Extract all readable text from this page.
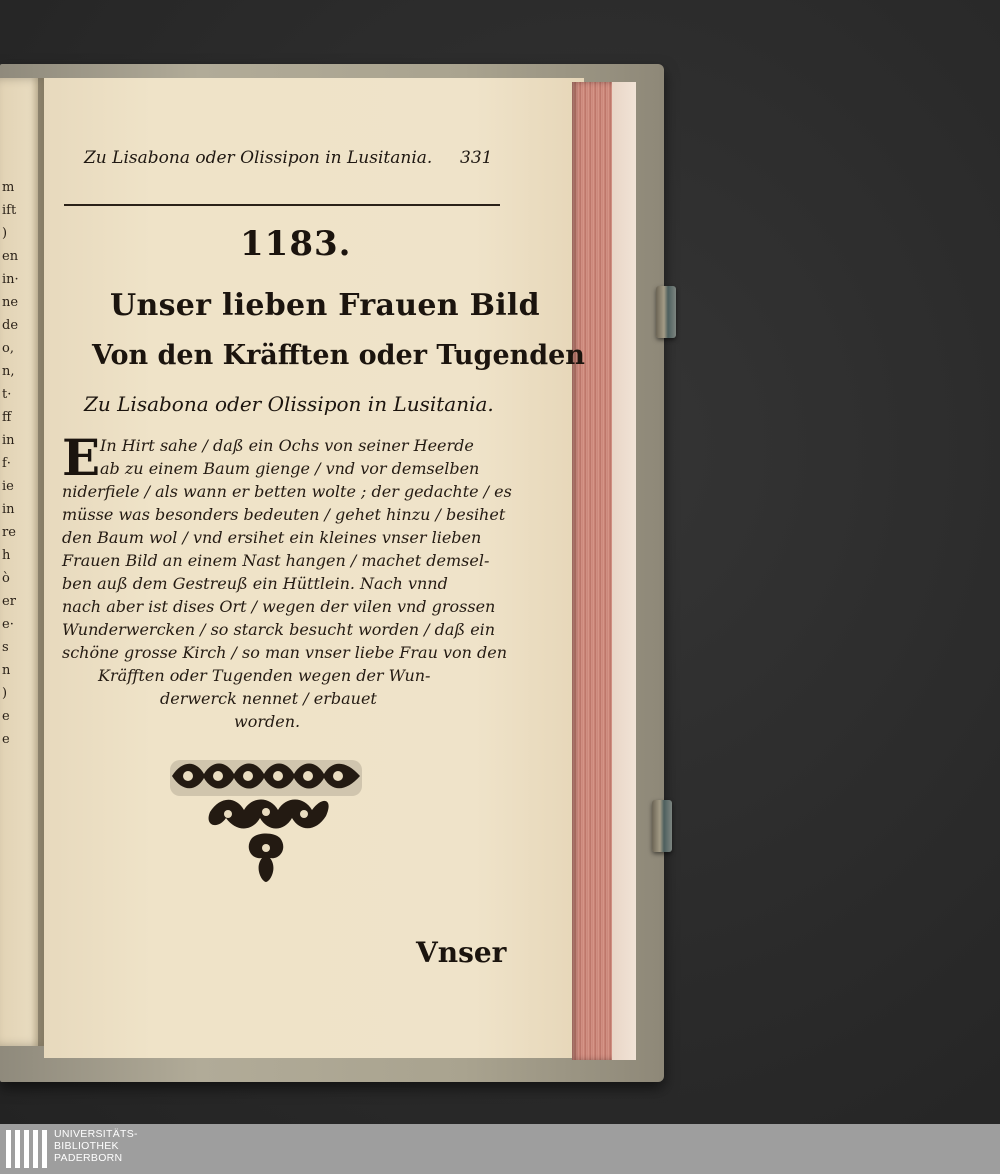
m
ift
)
en
in·
ne
de
o,
n,
t·
ff
in
f·
ie
in
re
h
ò
er
e·
s
n
)
e
e
Zu Lisabona oder Olissipon in Lusitania.	331
1183.
Unser lieben Frauen Bild
Von den Kräfften oder Tugenden
Zu Lisabona oder Olissipon in Lusitania.
E In Hirt sahe / daß ein Ochs von seiner Heerde
ab zu einem Baum gienge / vnd vor demselben
niderfiele / als wann er betten wolte ; der gedachte / es
müsse was besonders bedeuten / gehet hinzu / besihet
den Baum wol / vnd ersihet ein kleines vnser lieben
Frauen Bild an einem Nast hangen / machet demsel-
ben auß dem Gestreuß ein Hüttlein. Nach vnnd
nach aber ist dises Ort / wegen der vilen vnd grossen
Wunderwercken / so starck besucht worden / daß ein
schöne grosse Kirch / so man vnser liebe Frau von den
Kräfften oder Tugenden wegen der Wun-
derwerck nennet / erbauet
worden.
Vnser
UNIVERSITÄTS-
BIBLIOTHEK
PADERBORN
